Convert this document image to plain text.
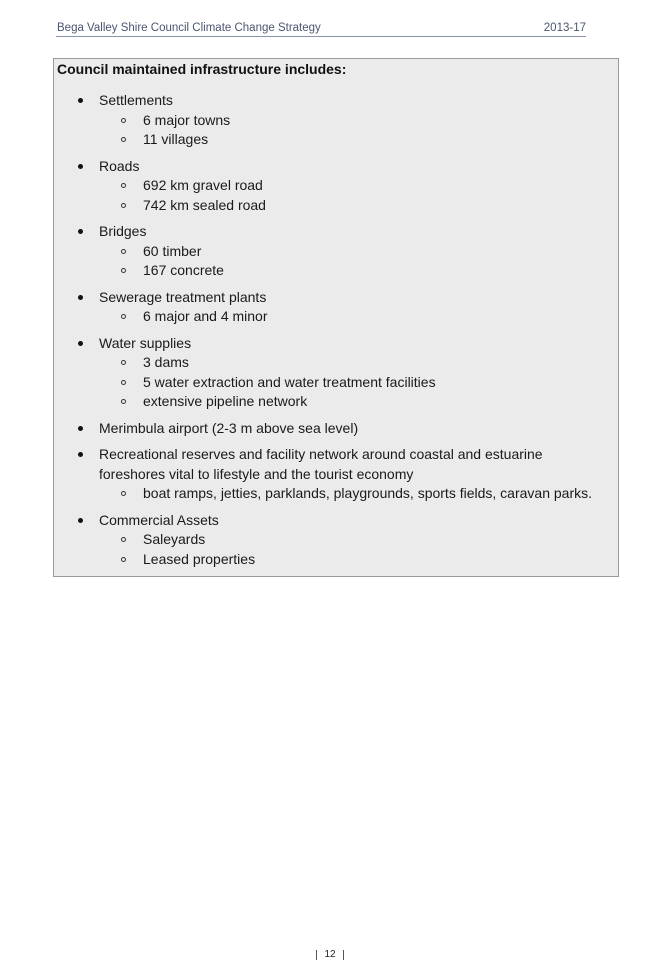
Bega Valley Shire Council Climate Change Strategy	2013-17
Council maintained infrastructure includes:
Settlements
6 major towns
11 villages
Roads
692 km gravel road
742 km sealed road
Bridges
60 timber
167 concrete
Sewerage treatment plants
6 major and 4 minor
Water supplies
3 dams
5 water extraction and water treatment facilities
extensive pipeline network
Merimbula airport (2-3 m above sea level)
Recreational reserves and facility network around coastal and estuarine foreshores vital to lifestyle and the tourist economy
boat ramps, jetties, parklands, playgrounds, sports fields, caravan parks.
Commercial Assets
Saleyards
Leased properties
12
